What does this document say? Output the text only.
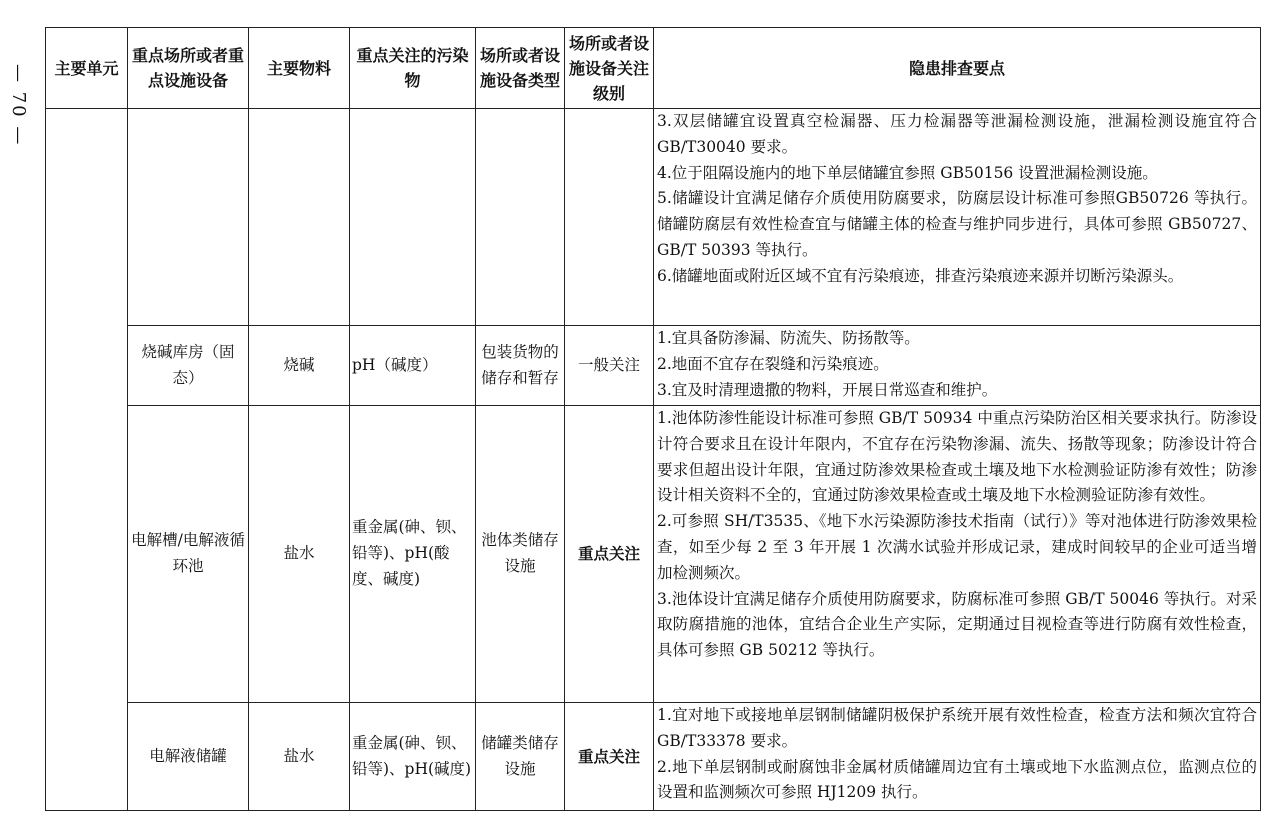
— 70 — 主要单元	重点场所或者重点设施设备	主要物料	重点关注的污染物	场所或者设施设备类型	场所或者设施设备关注级别	隐患排查要点

						3.双层储罐宜设置真空检漏器、压力检漏器等泄漏检测设施，泄漏检测设施宜符合 GB/T30040 要求。
4.位于阻隔设施内的地下单层储罐宜参照 GB50156 设置泄漏检测设施。
5.储罐设计宜满足储存介质使用防腐要求，防腐层设计标准可参照GB50726 等执行。储罐防腐层有效性检查宜与储罐主体的检查与维护同步进行，具体可参照 GB50727、GB/T 50393 等执行。
6.储罐地面或附近区域不宜有污染痕迹，排查污染痕迹来源并切断污染源头。

	烧碱库房（固态）	烧碱	pH（碱度）	包装货物的储存和暂存	一般关注	1.宜具备防渗漏、防流失、防扬散等。
2.地面不宜存在裂缝和污染痕迹。
3.宜及时清理遗撒的物料，开展日常巡查和维护。

	电解槽/电解液循环池	盐水	重金属(砷、钡、铅等)、pH(酸度、碱度)	池体类储存设施	重点关注	1.池体防渗性能设计标准可参照 GB/T 50934 中重点污染防治区相关要求执行。防渗设计符合要求且在设计年限内，不宜存在污染物渗漏、流失、扬散等现象；防渗设计符合要求但超出设计年限，宜通过防渗效果检查或土壤及地下水检测验证防渗有效性；防渗设计相关资料不全的，宜通过防渗效果检查或土壤及地下水检测验证防渗有效性。
2.可参照 SH/T3535、《地下水污染源防渗技术指南（试行）》等对池体进行防渗效果检查，如至少每 2 至 3 年开展 1 次满水试验并形成记录，建成时间较早的企业可适当增加检测频次。
3.池体设计宜满足储存介质使用防腐要求，防腐标准可参照 GB/T 50046 等执行。对采取防腐措施的池体，宜结合企业生产实际，定期通过目视检查等进行防腐有效性检查，具体可参照 GB 50212 等执行。

	电解液储罐	盐水	重金属(砷、钡、铅等)、pH(碱度)	储罐类储存设施	重点关注	1.宜对地下或接地单层钢制储罐阴极保护系统开展有效性检查，检查方法和频次宜符合 GB/T33378 要求。
2.地下单层钢制或耐腐蚀非金属材质储罐周边宜有土壤或地下水监测点位，监测点位的设置和监测频次可参照 HJ1209 执行。
